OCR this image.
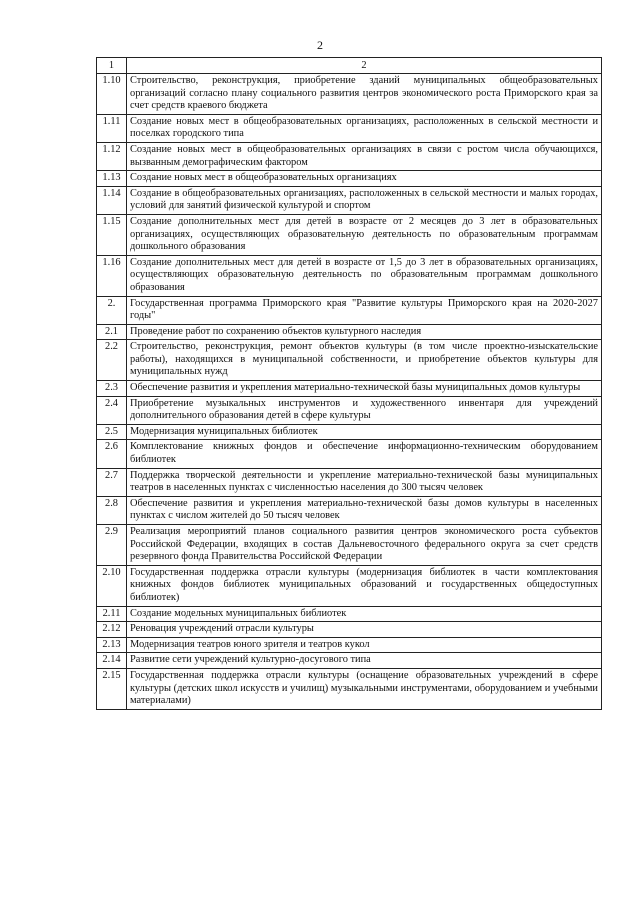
2
1	2
1.10	Строительство, реконструкция, приобретение зданий муниципальных общеобразовательных организаций согласно плану социального развития центров экономического роста Приморского края за счет средств краевого бюджета
1.11	Создание новых мест в общеобразовательных организациях, расположенных в сельской местности и поселках городского типа
1.12	Создание новых мест в общеобразовательных организациях в связи с ростом числа обучающихся, вызванным демографическим фактором
1.13	Создание новых мест в общеобразовательных организациях
1.14	Создание в общеобразовательных организациях, расположенных в сельской местности и малых городах, условий для занятий физической культурой и спортом
1.15	Создание дополнительных мест для детей в возрасте от 2 месяцев до 3 лет в образовательных организациях, осуществляющих образовательную деятельность по образовательным программам дошкольного образования
1.16	Создание дополнительных мест для детей в возрасте от 1,5 до 3 лет в образовательных организациях, осуществляющих образовательную деятельность по образовательным программам дошкольного образования
2.	Государственная программа Приморского края "Развитие культуры Приморского края на 2020-2027 годы"
2.1	Проведение работ по сохранению объектов культурного наследия
2.2	Строительство, реконструкция, ремонт объектов культуры (в том числе проектно-изыскательские работы), находящихся в муниципальной собственности, и приобретение объектов культуры для муниципальных нужд
2.3	Обеспечение развития и укрепления материально-технической базы муниципальных домов культуры
2.4	Приобретение музыкальных инструментов и художественного инвентаря для учреждений дополнительного образования детей в сфере культуры
2.5	Модернизация муниципальных библиотек
2.6	Комплектование книжных фондов и обеспечение информационно-техническим оборудованием библиотек
2.7	Поддержка творческой деятельности и укрепление материально-технической базы муниципальных театров в населенных пунктах с численностью населения до 300 тысяч человек
2.8	Обеспечение развития и укрепления материально-технической базы домов культуры в населенных пунктах с числом жителей до 50 тысяч человек
2.9	Реализация мероприятий планов социального развития центров экономического роста субъектов Российской Федерации, входящих в состав Дальневосточного федерального округа за счет средств резервного фонда Правительства Российской Федерации
2.10	Государственная поддержка отрасли культуры (модернизация библиотек в части комплектования книжных фондов библиотек муниципальных образований и государственных общедоступных библиотек)
2.11	Создание модельных муниципальных библиотек
2.12	Реновация учреждений отрасли культуры
2.13	Модернизация театров юного зрителя и театров кукол
2.14	Развитие сети учреждений культурно-досугового типа
2.15	Государственная поддержка отрасли культуры (оснащение образовательных учреждений в сфере культуры (детских школ искусств и училищ) музыкальными инструментами, оборудованием и учебными материалами)
